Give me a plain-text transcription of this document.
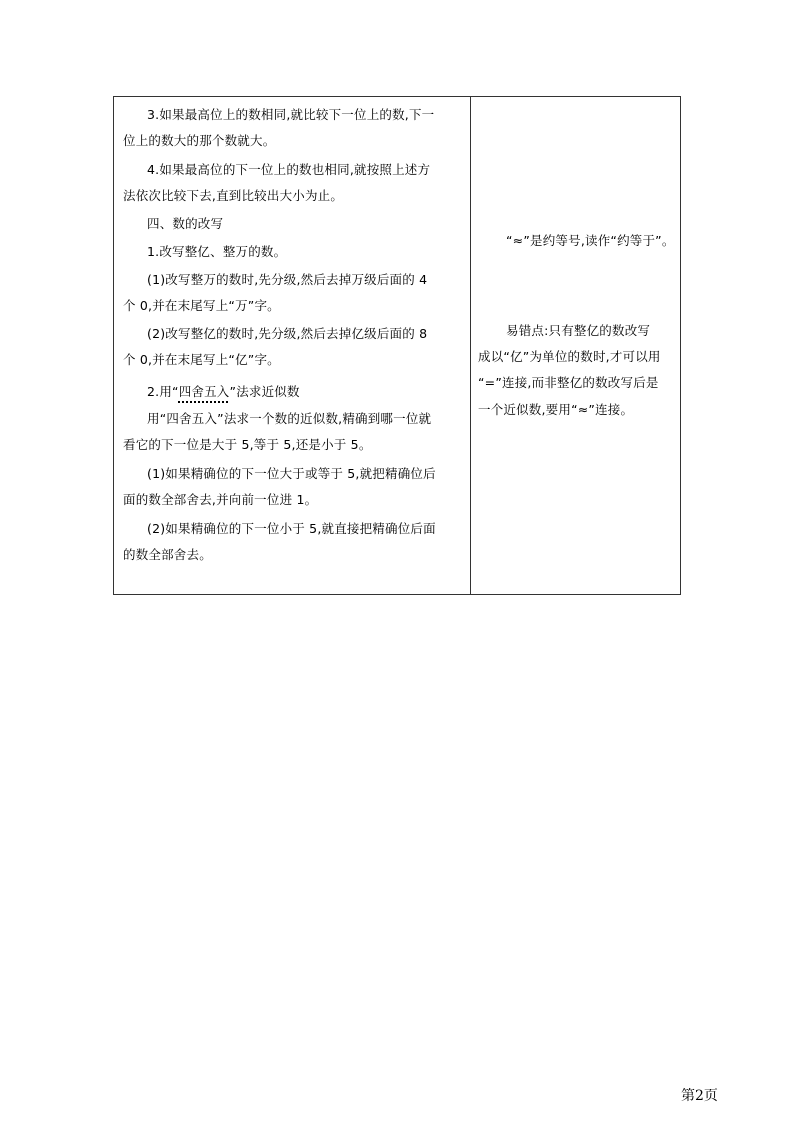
3.如果最高位上的数相同,就比较下一位上的数,下一
位上的数大的那个数就大。
4.如果最高位的下一位上的数也相同,就按照上述方
法依次比较下去,直到比较出大小为止。
四、数的改写
1.改写整亿、整万的数。
(1)改写整万的数时,先分级,然后去掉万级后面的 4
个 0,并在末尾写上“万”字。
(2)改写整亿的数时,先分级,然后去掉亿级后面的 8
个 0,并在末尾写上“亿”字。
2.用“四舍五入”法求近似数
用“四舍五入”法求一个数的近似数,精确到哪一位就
看它的下一位是大于 5,等于 5,还是小于 5。
(1)如果精确位的下一位大于或等于 5,就把精确位后
面的数全部舍去,并向前一位进 1。
(2)如果精确位的下一位小于 5,就直接把精确位后面
的数全部舍去。
“≈”是约等号,读作“约等于”。
易错点:只有整亿的数改写
成以“亿”为单位的数时,才可以用
“=”连接,而非整亿的数改写后是
一个近似数,要用“≈”连接。
第2页
